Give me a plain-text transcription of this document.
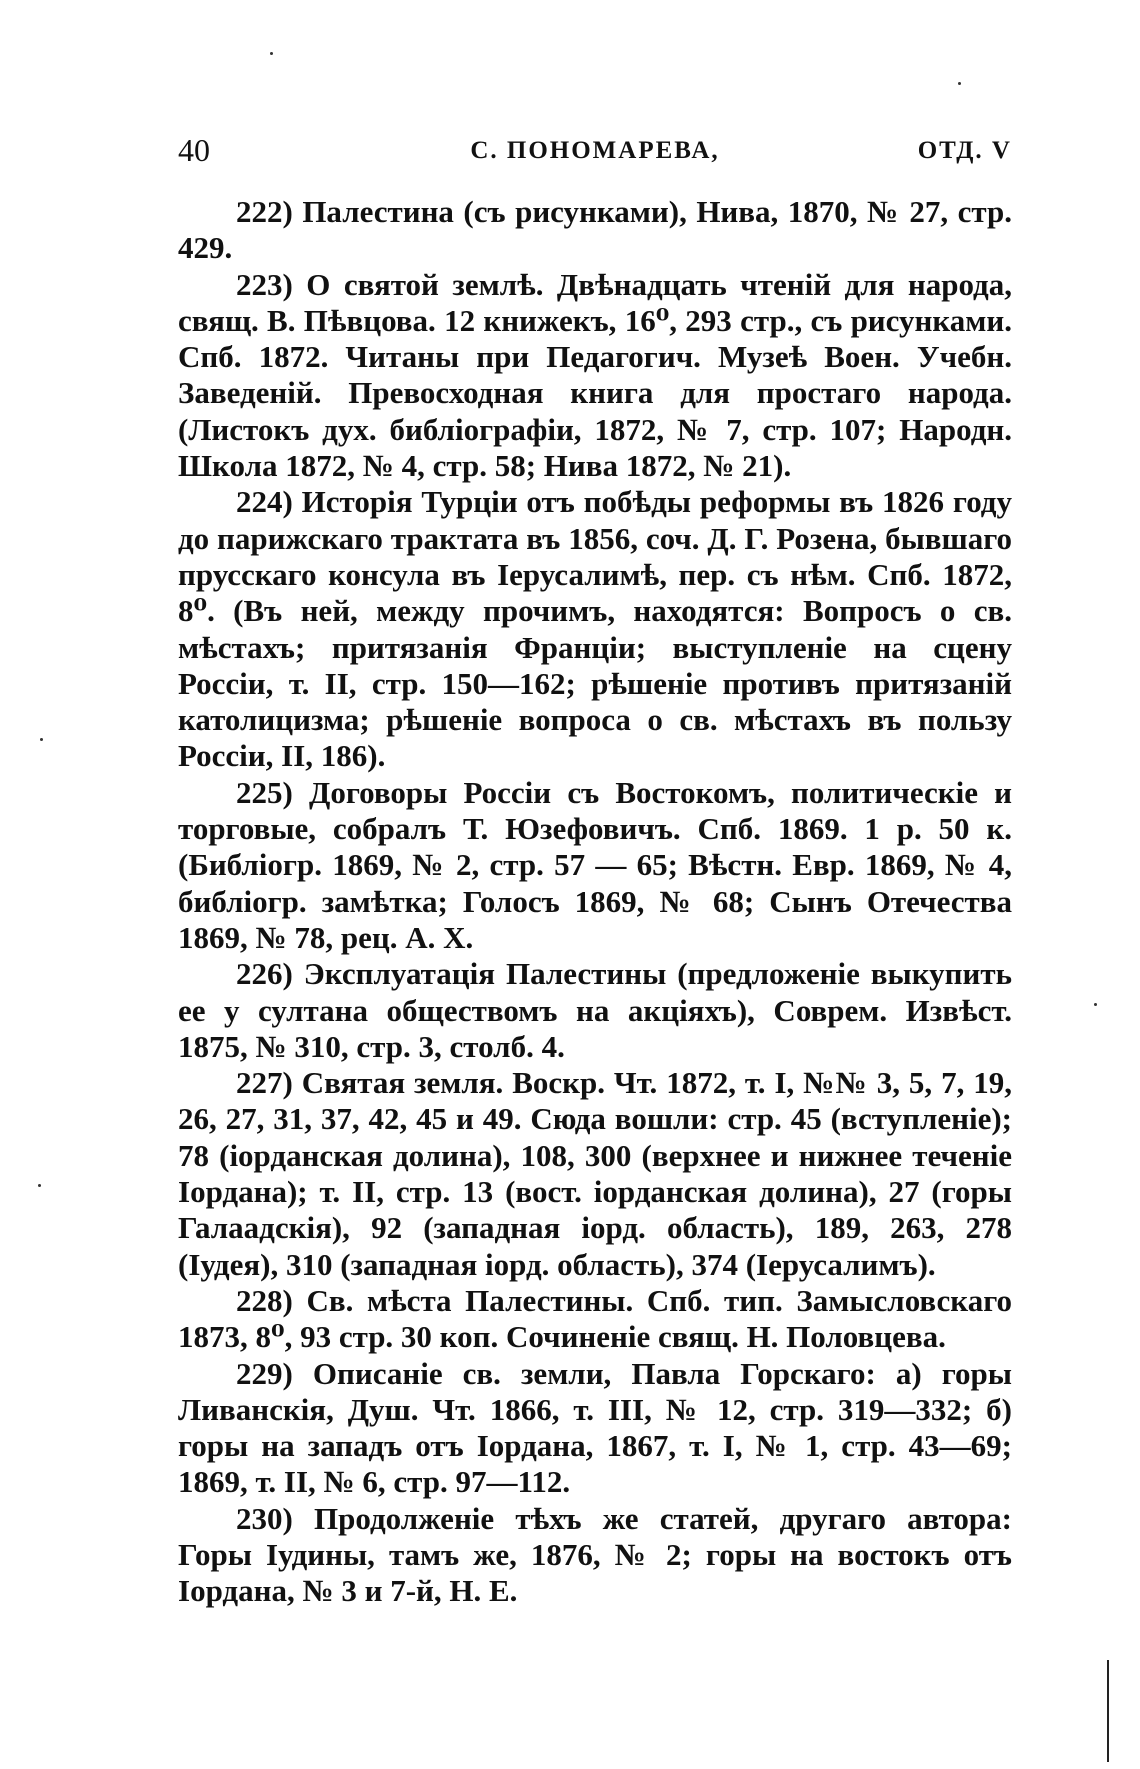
40	С. ПОНОМАРЕВА,	ОТД. V

222) Палестина (съ рисунками), Нива, 1870, № 27, стр. 429.

223) О святой землѣ. Двѣнадцать чтеній для народа, свящ. В. Пѣвцова. 12 книжекъ, 16⁰, 293 стр., съ рисунками. Спб. 1872. Читаны при Педагогич. Музеѣ Воен. Учебн. Заведеній. Превосходная книга для простаго народа. (Листокъ дух. библіографіи, 1872, № 7, стр. 107; Народн. Школа 1872, № 4, стр. 58; Нива 1872, № 21).

224) Исторія Турціи отъ побѣды реформы въ 1826 году до парижскаго трактата въ 1856, соч. Д. Г. Розена, бывшаго прусскаго консула въ Іерусалимѣ, пер. съ нѣм. Спб. 1872, 8⁰. (Въ ней, между прочимъ, находятся: Вопросъ о св. мѣстахъ; притязанія Франціи; выступленіе на сцену Россіи, т. II, стр. 150—162; рѣшеніе противъ притязаній католицизма; рѣшеніе вопроса о св. мѣстахъ въ пользу Россіи, II, 186).

225) Договоры Россіи съ Востокомъ, политическіе и торговые, собралъ Т. Юзефовичъ. Спб. 1869. 1 р. 50 к. (Библіогр. 1869, № 2, стр. 57 — 65; Вѣстн. Евр. 1869, № 4, библіогр. замѣтка; Голосъ 1869, № 68; Сынъ Отечества 1869, № 78, рец. А. Х.

226) Эксплуатація Палестины (предложеніе выкупить ее у султана обществомъ на акціяхъ), Соврем. Извѣст. 1875, № 310, стр. 3, столб. 4.

227) Святая земля. Воскр. Чт. 1872, т. I, №№ 3, 5, 7, 19, 26, 27, 31, 37, 42, 45 и 49. Сюда вошли: стр. 45 (вступленіе); 78 (іорданская долина), 108, 300 (верхнее и нижнее теченіе Іордана); т. II, стр. 13 (вост. іорданская долина), 27 (горы Галаадскія), 92 (западная іорд. область), 189, 263, 278 (Іудея), 310 (западная іорд. область), 374 (Іерусалимъ).

228) Св. мѣста Палестины. Спб. тип. Замысловскаго 1873, 8⁰, 93 стр. 30 коп. Сочиненіе свящ. Н. Половцева.

229) Описаніе св. земли, Павла Горскаго: а) горы Ливанскія, Душ. Чт. 1866, т. III, № 12, стр. 319—332; б) горы на западъ отъ Іордана, 1867, т. I, № 1, стр. 43—69; 1869, т. II, № 6, стр. 97—112.

230) Продолженіе тѣхъ же статей, другаго автора: Горы Іудины, тамъ же, 1876, № 2; горы на востокъ отъ Іордана, № 3 и 7-й, Н. Е.
